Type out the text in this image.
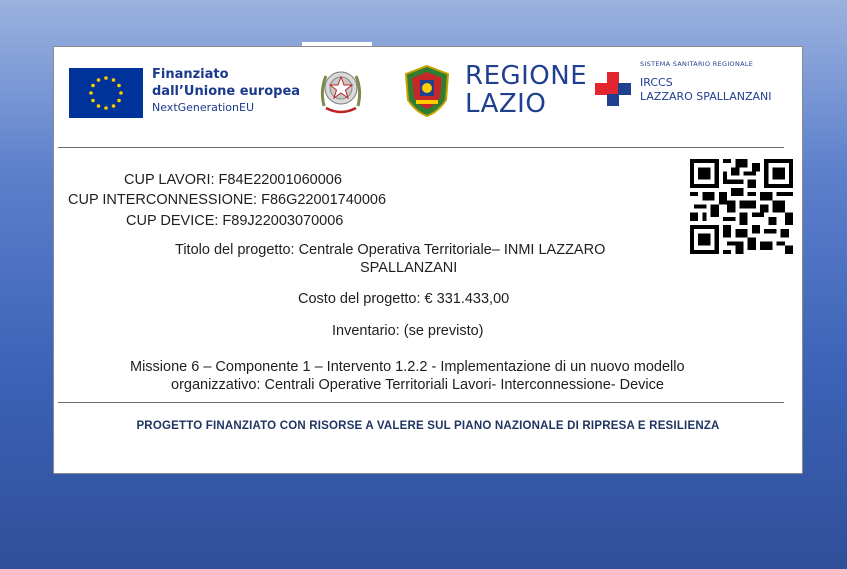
Finanziato
dall’Unione europea
NextGenerationEU
REGIONE
LAZIO
SISTEMA SANITARIO REGIONALE
IRCCS
LAZZARO SPALLANZANI
CUP LAVORI: F84E22001060006
CUP INTERCONNESSIONE: F86G22001740006
CUP DEVICE: F89J22003070006
Titolo del progetto: Centrale Operativa Territoriale– INMI LAZZARO
SPALLANZANI
Costo del progetto: € 331.433,00
Inventario: (se previsto)
Missione 6 – Componente 1 – Intervento 1.2.2 - Implementazione di un nuovo modello
organizzativo: Centrali Operative Territoriali Lavori- Interconnessione- Device
PROGETTO FINANZIATO CON RISORSE A VALERE SUL PIANO NAZIONALE DI RIPRESA E RESILIENZA
